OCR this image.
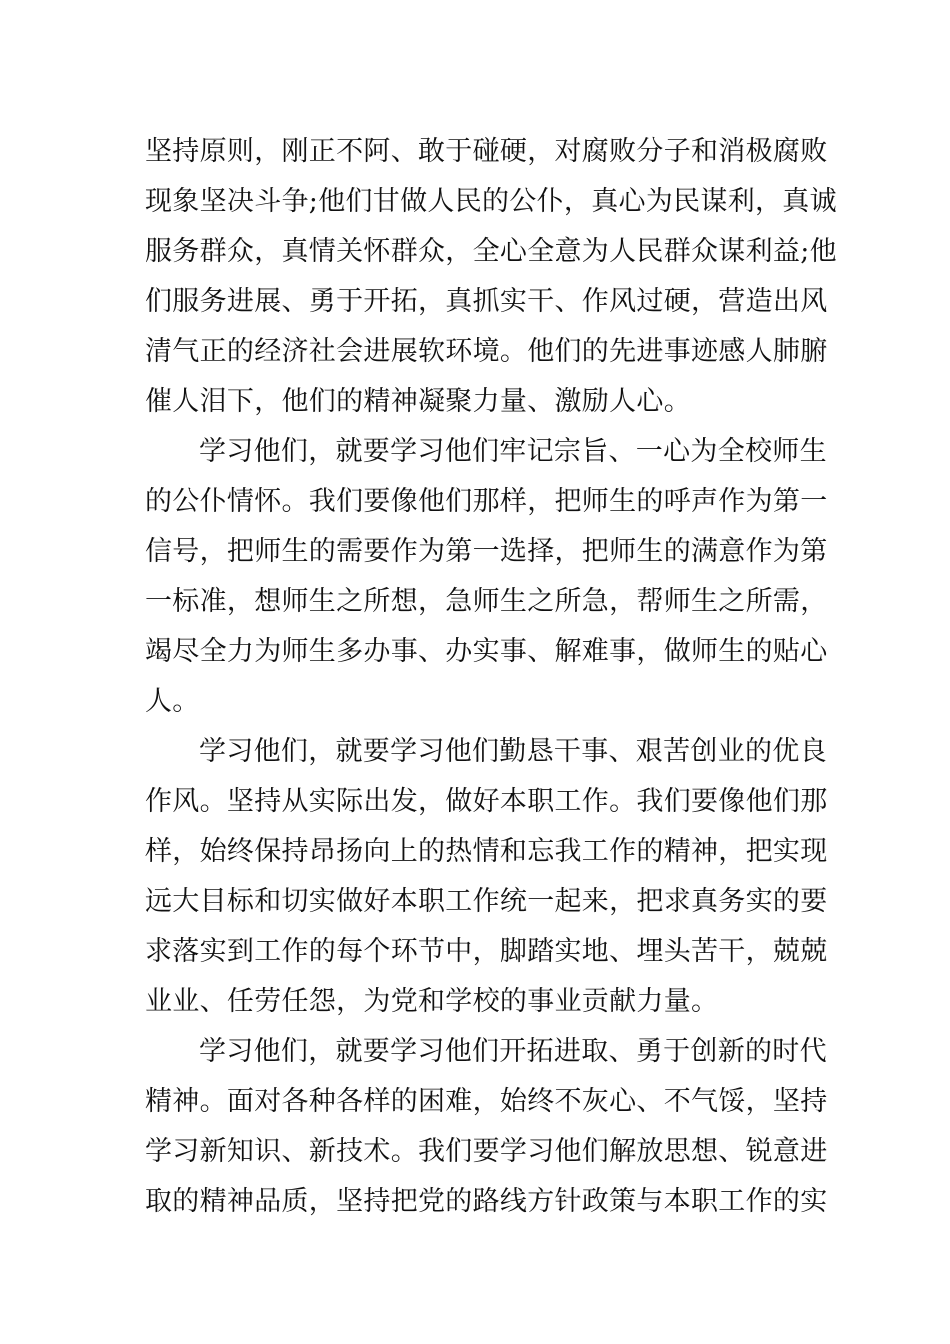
坚持原则，刚正不阿、敢于碰硬，对腐败分子和消极腐败
现象坚决斗争;他们甘做人民的公仆，真心为民谋利，真诚
服务群众，真情关怀群众，全心全意为人民群众谋利益;他
们服务进展、勇于开拓，真抓实干、作风过硬，营造出风
清气正的经济社会进展软环境。他们的先进事迹感人肺腑
催人泪下，他们的精神凝聚力量、激励人心。

学习他们，就要学习他们牢记宗旨、一心为全校师生
的公仆情怀。我们要像他们那样，把师生的呼声作为第一
信号，把师生的需要作为第一选择，把师生的满意作为第
一标准，想师生之所想，急师生之所急，帮师生之所需，
竭尽全力为师生多办事、办实事、解难事，做师生的贴心
人。

学习他们，就要学习他们勤恳干事、艰苦创业的优良
作风。坚持从实际出发，做好本职工作。我们要像他们那
样，始终保持昂扬向上的热情和忘我工作的精神，把实现
远大目标和切实做好本职工作统一起来，把求真务实的要
求落实到工作的每个环节中，脚踏实地、埋头苦干，兢兢
业业、任劳任怨，为党和学校的事业贡献力量。

学习他们，就要学习他们开拓进取、勇于创新的时代
精神。面对各种各样的困难，始终不灰心、不气馁，坚持
学习新知识、新技术。我们要学习他们解放思想、锐意进
取的精神品质，坚持把党的路线方针政策与本职工作的实
